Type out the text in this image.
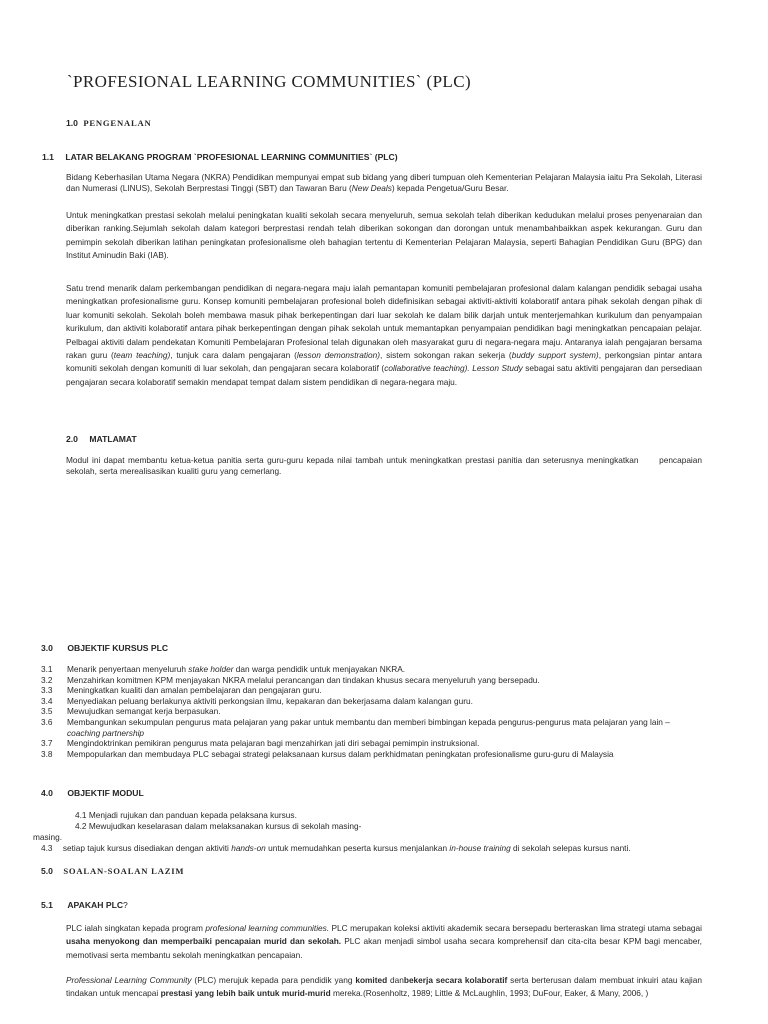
`PROFESIONAL LEARNING COMMUNITIES` (PLC)
1.0 PENGENALAN
1.1 LATAR BELAKANG PROGRAM `PROFESIONAL LEARNING COMMUNITIES` (PLC)
Bidang Keberhasilan Utama Negara (NKRA) Pendidikan mempunyai empat sub bidang yang diberi tumpuan oleh Kementerian Pelajaran Malaysia iaitu Pra Sekolah, Literasi dan Numerasi (LINUS), Sekolah Berprestasi Tinggi (SBT) dan Tawaran Baru (New Deals) kepada Pengetua/Guru Besar.
Untuk meningkatkan prestasi sekolah melalui peningkatan kualiti sekolah secara menyeluruh, semua sekolah telah diberikan kedudukan melalui proses penyenaraian dan diberikan ranking.Sejumlah sekolah dalam kategori berprestasi rendah telah diberikan sokongan dan dorongan untuk menambahbaikkan aspek kekurangan. Guru dan pemimpin sekolah diberikan latihan peningkatan profesionalisme oleh bahagian tertentu di Kementerian Pelajaran Malaysia, seperti Bahagian Pendidikan Guru (BPG) dan Institut Aminudin Baki (IAB).
Satu trend menarik dalam perkembangan pendidikan di negara-negara maju ialah pemantapan komuniti pembelajaran profesional dalam kalangan pendidik sebagai usaha meningkatkan profesionalisme guru. Konsep komuniti pembelajaran profesional boleh didefinisikan sebagai aktiviti-aktiviti kolaboratif antara pihak sekolah dengan pihak di luar komuniti sekolah. Sekolah boleh membawa masuk pihak berkepentingan dari luar sekolah ke dalam bilik darjah untuk menterjemahkan kurikulum dan penyampaian kurikulum, dan aktiviti kolaboratif antara pihak berkepentingan dengan pihak sekolah untuk memantapkan penyampaian pendidikan bagi meningkatkan pencapaian pelajar. Pelbagai aktiviti dalam pendekatan Komuniti Pembelajaran Profesional telah digunakan oleh masyarakat guru di negara-negara maju. Antaranya ialah pengajaran bersama rakan guru (team teaching), tunjuk cara dalam pengajaran (lesson demonstration), sistem sokongan rakan sekerja (buddy support system), perkongsian pintar antara komuniti sekolah dengan komuniti di luar sekolah, dan pengajaran secara kolaboratif (collaborative teaching). Lesson Study sebagai satu aktiviti pengajaran dan persediaan pengajaran secara kolaboratif semakin mendapat tempat dalam sistem pendidikan di negara-negara maju.
2.0 MATLAMAT
Modul ini dapat membantu ketua-ketua panitia serta guru-guru kepada nilai tambah untuk meningkatkan prestasi panitia dan seterusnya meningkatkan      pencapaian sekolah, serta merealisasikan kualiti guru yang cemerlang.
3.0 OBJEKTIF KURSUS PLC
3.1	Menarik penyertaan menyeluruh stake holder dan warga pendidik untuk menjayakan NKRA.
3.2	Menzahirkan komitmen KPM menjayakan NKRA melalui perancangan dan tindakan khusus secara menyeluruh yang bersepadu.
3.3	Meningkatkan kualiti dan amalan pembelajaran dan pengajaran guru.
3.4	Menyediakan peluang berlakunya aktiviti perkongsian ilmu, kepakaran dan bekerjasama dalam kalangan guru.
3.5	Mewujudkan semangat kerja berpasukan.
3.6	Membangunkan sekumpulan pengurus mata pelajaran yang pakar untuk membantu dan memberi bimbingan kepada pengurus-pengurus mata pelajaran yang lain – coaching partnership
3.7	Mengindoktrinkan pemikiran pengurus mata pelajaran bagi menzahirkan jati diri sebagai pemimpin instruksional.
3.8	Mempopularkan dan membudaya PLC sebagai strategi pelaksanaan kursus dalam perkhidmatan peningkatan profesionalisme guru-guru di Malaysia
4.0 OBJEKTIF MODUL
4.1 Menjadi rujukan dan panduan kepada pelaksana kursus.
4.2 Mewujudkan keselarasan dalam melaksanakan kursus di sekolah masing-
masing.
4.3 setiap tajuk kursus disediakan dengan aktiviti hands-on untuk memudahkan peserta kursus menjalankan in-house training di sekolah selepas kursus nanti.
5.0 SOALAN-SOALAN LAZIM
5.1 APAKAH PLC?
PLC ialah singkatan kepada program profesional learning communities. PLC merupakan koleksi aktiviti akademik secara bersepadu berteraskan lima strategi utama sebagai usaha menyokong dan memperbaiki pencapaian murid dan sekolah. PLC akan menjadi simbol usaha secara komprehensif dan cita-cita besar KPM bagi mencaber, memotivasi serta membantu sekolah meningkatkan pencapaian.
Professional Learning Community (PLC) merujuk kepada para pendidik yang komited danbekerja secara kolaboratif serta berterusan dalam membuat inkuiri atau kajian tindakan untuk mencapai prestasi yang lebih baik untuk murid-murid mereka.(Rosenholtz, 1989; Little & McLaughlin, 1993; DuFour, Eaker, & Many, 2006, )
